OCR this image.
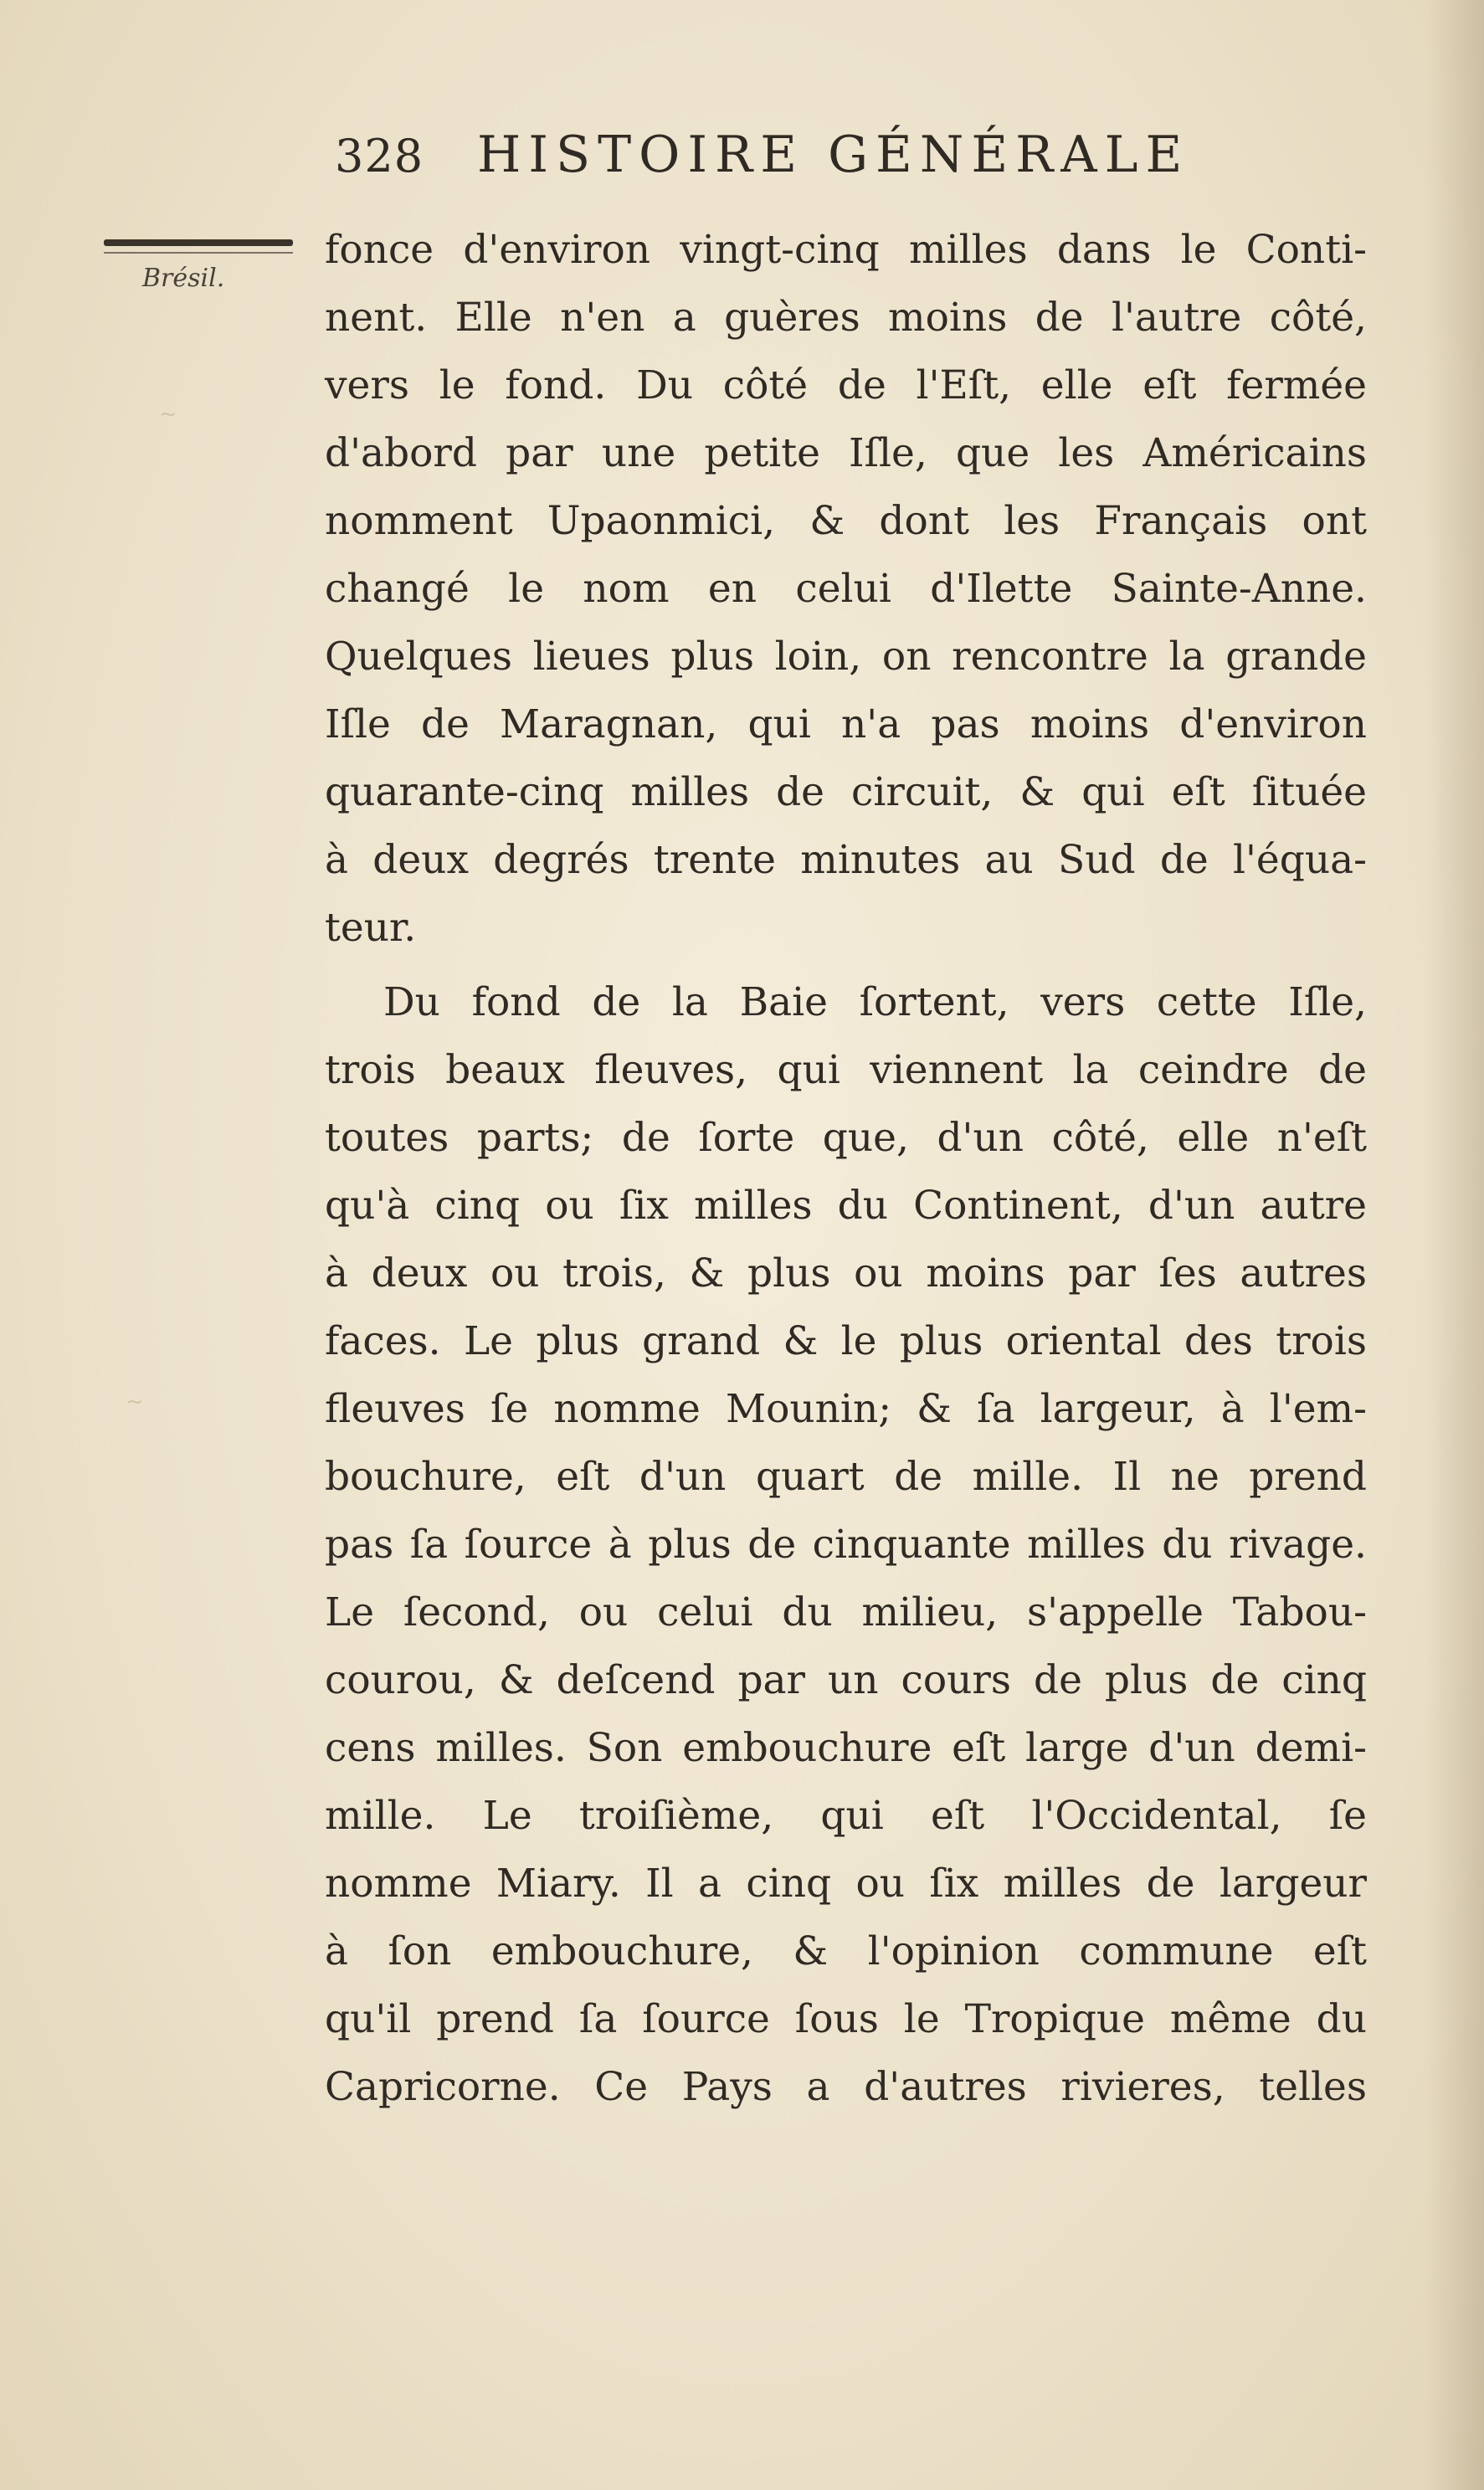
~
~
328	HISTOIRE GÉNÉRALE
Brésil.
fonce d'environ vingt-cinq milles dans le Conti-
nent. Elle n'en a guères moins de l'autre côté,
vers le fond. Du côté de l'Eſt, elle eſt fermée
d'abord par une petite Iſle, que les Américains
nomment Upaonmici, & dont les Français ont
changé le nom en celui d'Ilette Sainte-Anne.
Quelques lieues plus loin, on rencontre la grande
Iſle de Maragnan, qui n'a pas moins d'environ
quarante-cinq milles de circuit, & qui eſt ſituée
à deux degrés trente minutes au Sud de l'équa-
teur.
Du fond de la Baie ſortent, vers cette Iſle,
trois beaux fleuves, qui viennent la ceindre de
toutes parts; de ſorte que, d'un côté, elle n'eſt
qu'à cinq ou ſix milles du Continent, d'un autre
à deux ou trois, & plus ou moins par ſes autres
faces. Le plus grand & le plus oriental des trois
fleuves ſe nomme Mounin; & ſa largeur, à l'em-
bouchure, eſt d'un quart de mille. Il ne prend
pas ſa ſource à plus de cinquante milles du rivage.
Le ſecond, ou celui du milieu, s'appelle Tabou-
courou, & deſcend par un cours de plus de cinq
cens milles. Son embouchure eſt large d'un demi-
mille. Le troiſième, qui eſt l'Occidental, ſe
nomme Miary. Il a cinq ou ſix milles de largeur
à ſon embouchure, & l'opinion commune eſt
qu'il prend ſa ſource ſous le Tropique même du
Capricorne. Ce Pays a d'autres rivieres, telles
